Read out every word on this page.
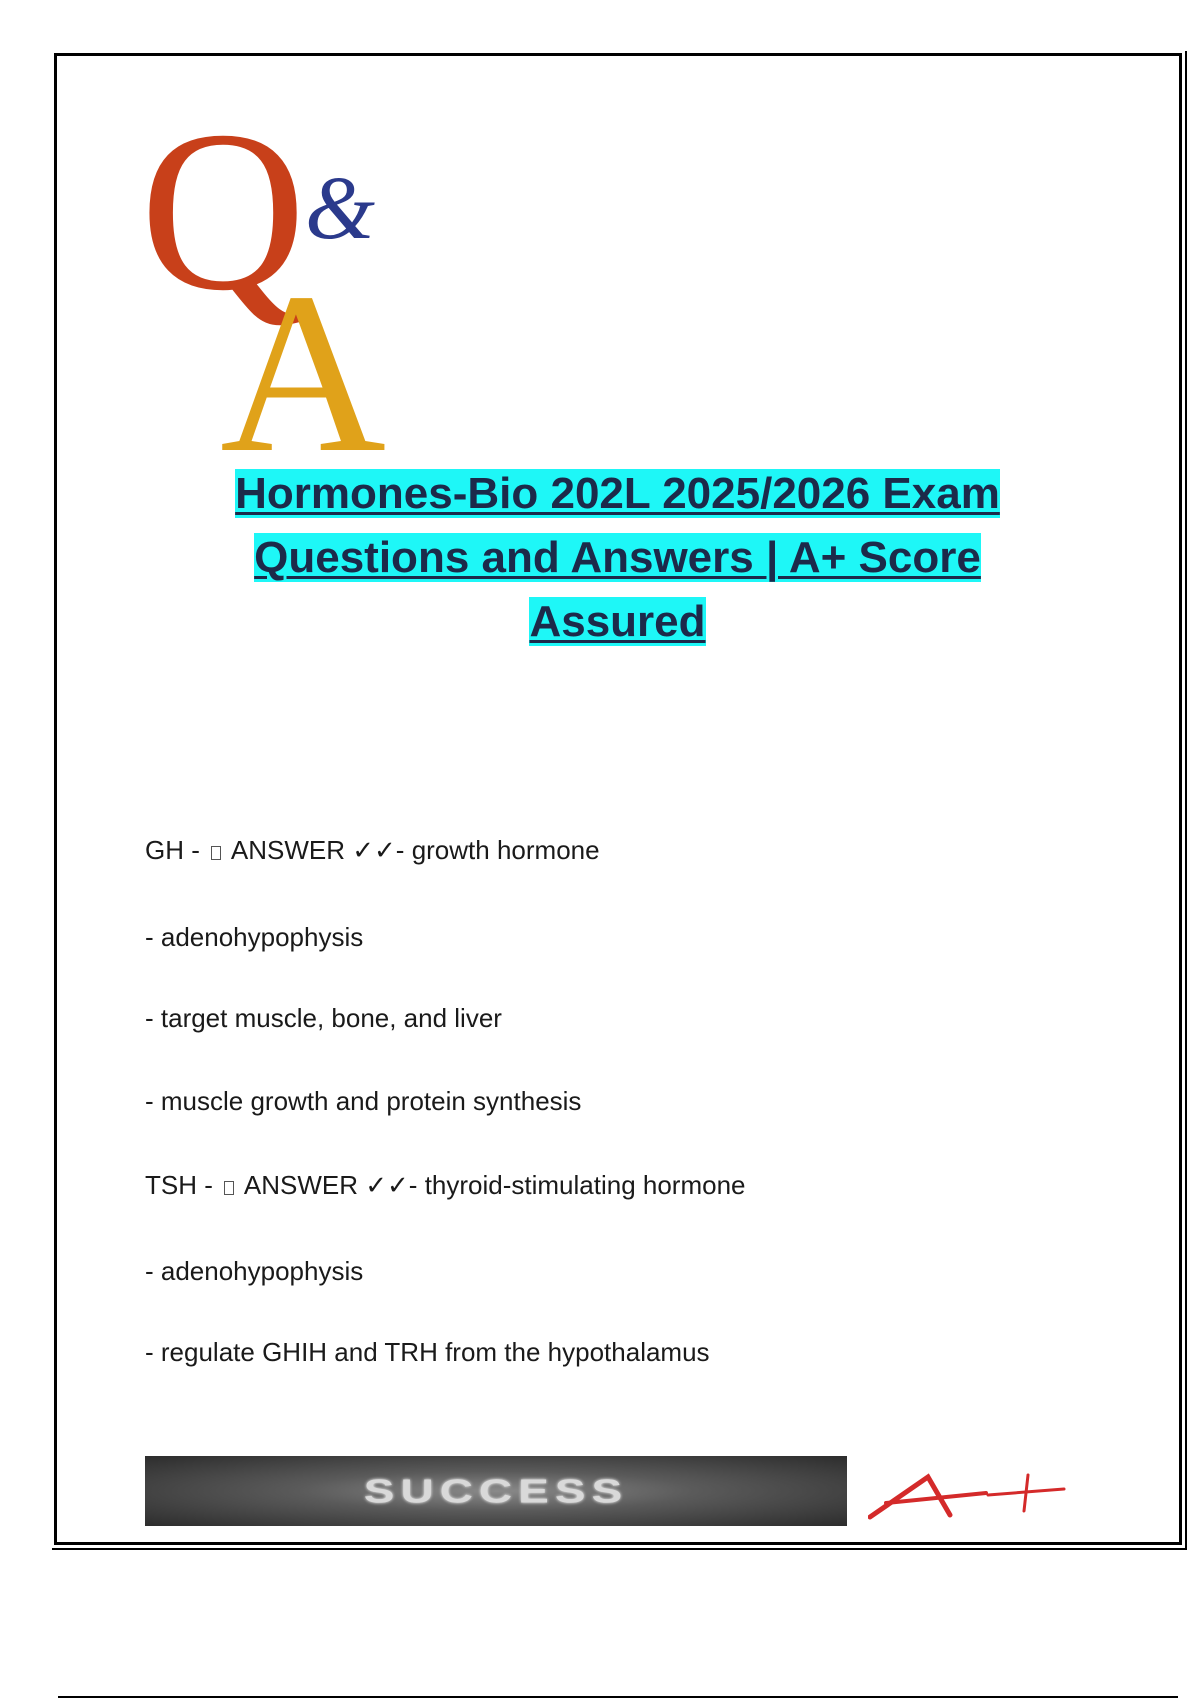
Q
&
A
Hormones-Bio 202L 2025/2026 Exam
Questions and Answers | A+ Score
Assured
GH -  ANSWER ✓✓- growth hormone
- adenohypophysis
- target muscle, bone, and liver
- muscle growth and protein synthesis
TSH -  ANSWER ✓✓- thyroid-stimulating hormone
- adenohypophysis
- regulate GHIH and TRH from the hypothalamus
SUCCESS
